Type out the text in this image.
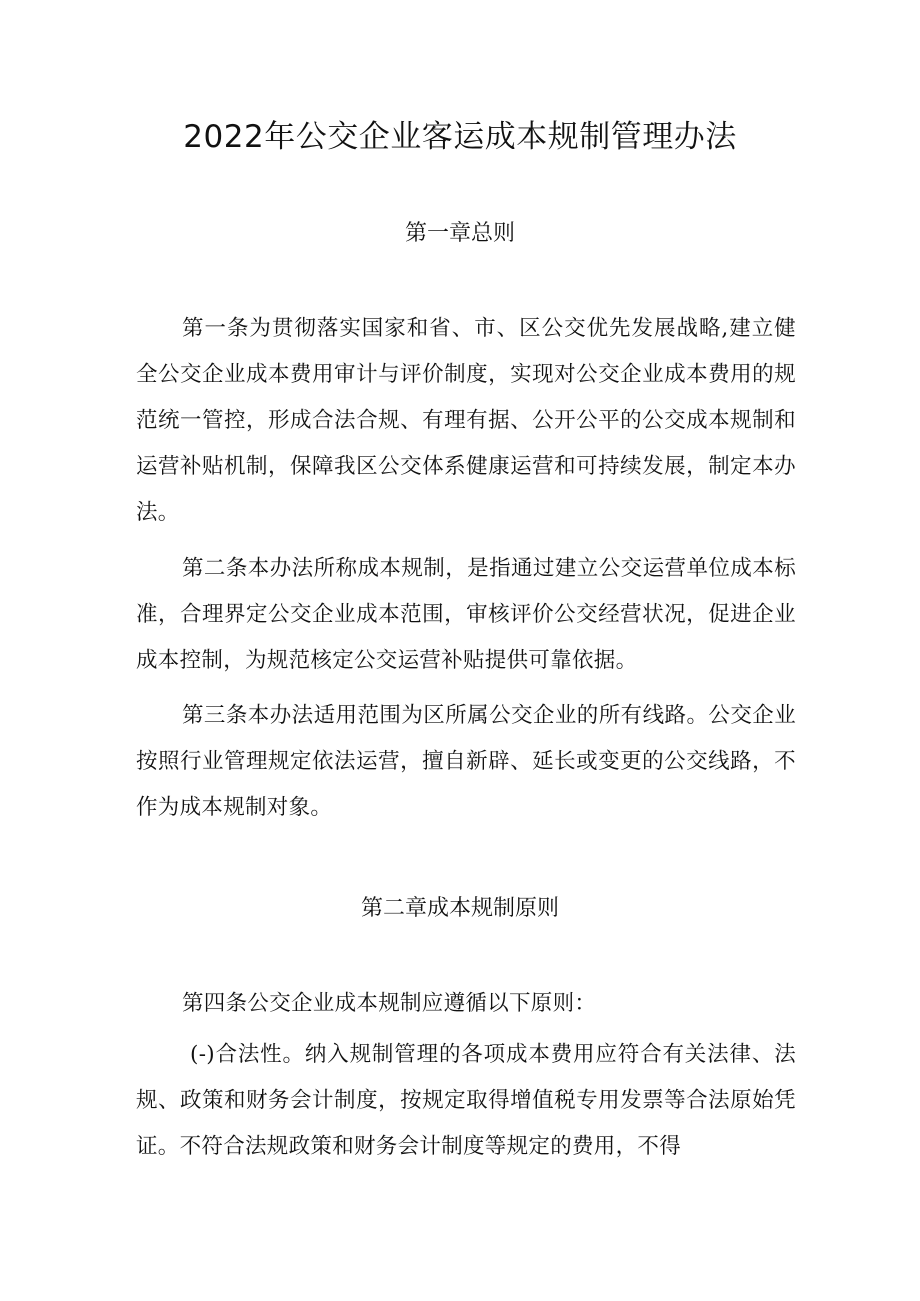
2022年公交企业客运成本规制管理办法
第一章总则

第一条为贯彻落实国家和省、市、区公交优先发展战略,建立健全公交企业成本费用审计与评价制度，实现对公交企业成本费用的规范统一管控，形成合法合规、有理有据、公开公平的公交成本规制和运营补贴机制，保障我区公交体系健康运营和可持续发展，制定本办法。

第二条本办法所称成本规制，是指通过建立公交运营单位成本标准，合理界定公交企业成本范围，审核评价公交经营状况，促进企业成本控制，为规范核定公交运营补贴提供可靠依据。

第三条本办法适用范围为区所属公交企业的所有线路。公交企业按照行业管理规定依法运营，擅自新辟、延长或变更的公交线路，不作为成本规制对象。

第二章成本规制原则

第四条公交企业成本规制应遵循以下原则：

(-)合法性。纳入规制管理的各项成本费用应符合有关法律、法规、政策和财务会计制度，按规定取得增值税专用发票等合法原始凭证。不符合法规政策和财务会计制度等规定的费用，不得
